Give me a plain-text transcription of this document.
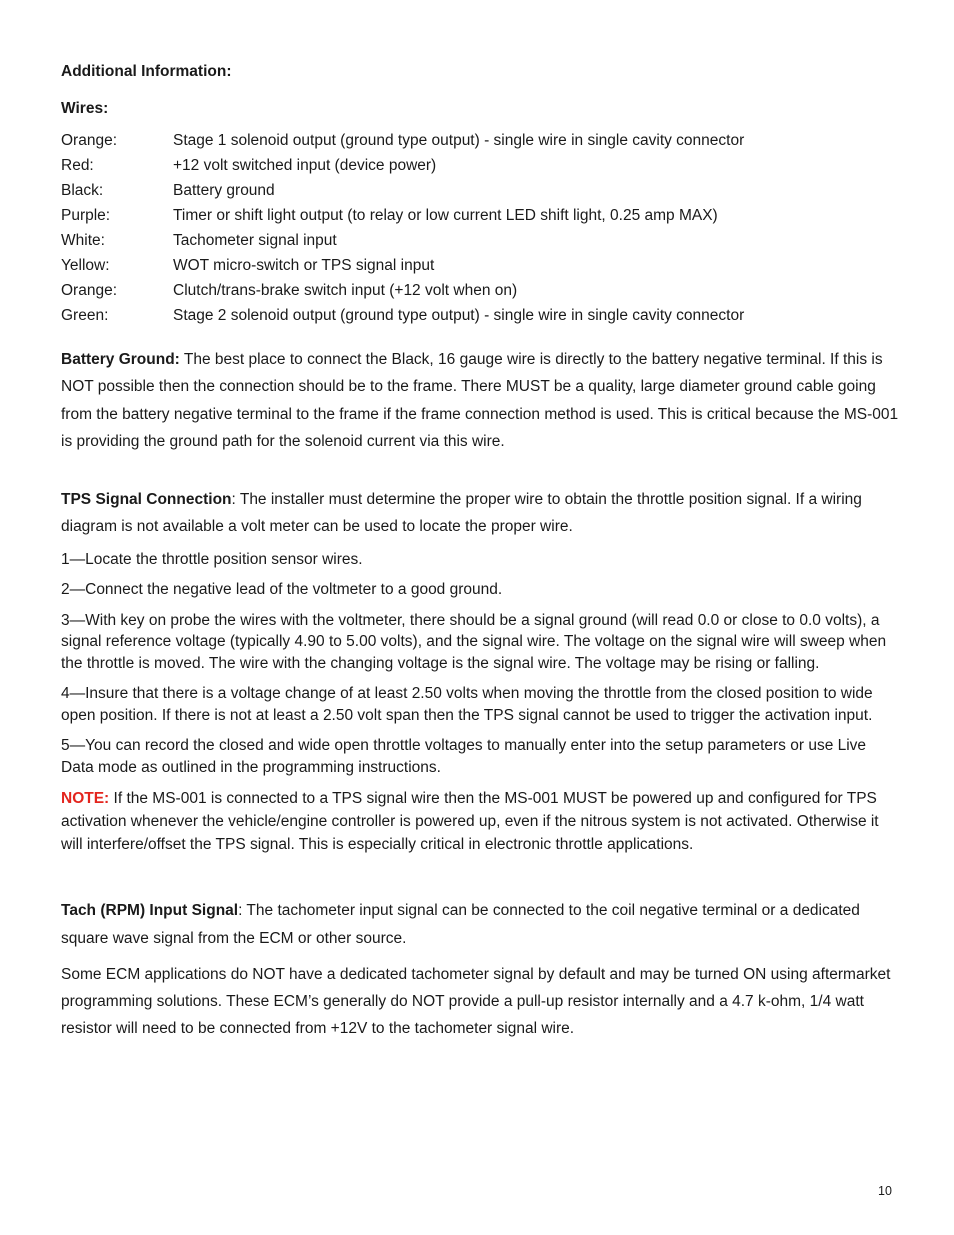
Additional Information:
Wires:
Orange:	Stage 1 solenoid output (ground type output) - single wire in single cavity connector
Red:	+12 volt switched input (device power)
Black:	Battery ground
Purple:	Timer or shift light output (to relay or low current LED shift light, 0.25 amp MAX)
White:	Tachometer signal input
Yellow:	WOT micro-switch or TPS signal input
Orange:	Clutch/trans-brake switch input (+12 volt when on)
Green:	Stage 2 solenoid output (ground type output) - single wire in single cavity connector

Battery Ground: The best place to connect the Black, 16 gauge wire is directly to the battery negative terminal. If this is NOT possible then the connection should be to the frame. There MUST be a quality, large diameter ground cable going from the battery negative terminal to the frame if the frame connection method is used. This is critical because the MS-001 is providing the ground path for the solenoid current via this wire.

TPS Signal Connection: The installer must determine the proper wire to obtain the throttle position signal. If a wiring diagram is not available a volt meter can be used to locate the proper wire.

1—Locate the throttle position sensor wires.

2—Connect the negative lead of the voltmeter to a good ground.

3—With key on probe the wires with the voltmeter, there should be a signal ground (will read 0.0 or close to 0.0 volts), a signal reference voltage (typically 4.90 to 5.00 volts), and the signal wire. The voltage on the signal wire will sweep when the throttle is moved. The wire with the changing voltage is the signal wire. The voltage may be rising or falling.

4—Insure that there is a voltage change of at least 2.50 volts when moving the throttle from the closed position to wide open position. If there is not at least a 2.50 volt span then the TPS signal cannot be used to trigger the activation input.

5—You can record the closed and wide open throttle voltages to manually enter into the setup parameters or use Live Data mode as outlined in the programming instructions.

NOTE: If the MS-001 is connected to a TPS signal wire then the MS-001 MUST be powered up and configured for TPS activation whenever the vehicle/engine controller is powered up, even if the nitrous system is not activated. Otherwise it will interfere/offset the TPS signal. This is especially critical in electronic throttle applications.

Tach (RPM) Input Signal: The tachometer input signal can be connected to the coil negative terminal or a dedicated square wave signal from the ECM or other source.

Some ECM applications do NOT have a dedicated tachometer signal by default and may be turned ON using aftermarket programming solutions. These ECM’s generally do NOT provide a pull-up resistor internally and a 4.7 k-ohm, 1/4 watt resistor will need to be connected from +12V to the tachometer signal wire.

10
